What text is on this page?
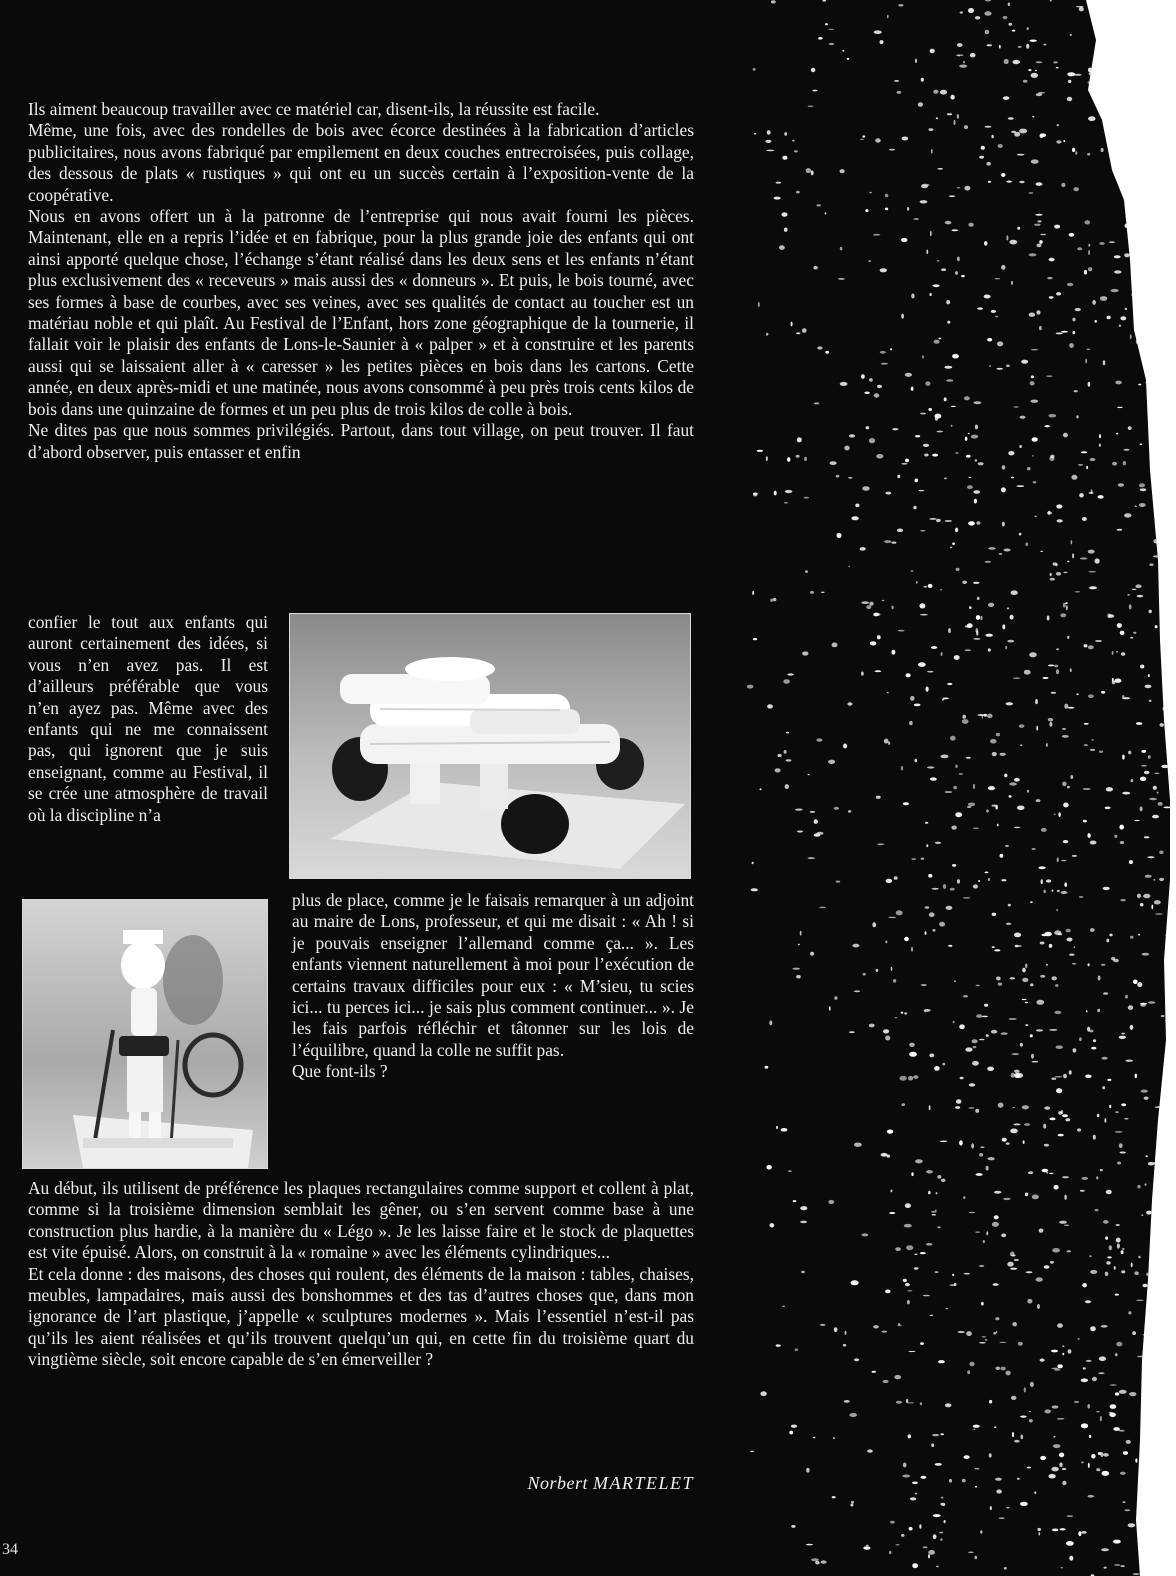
Ils aiment beaucoup travailler avec ce matériel car, disent-ils, la réussite est facile.

Même, une fois, avec des rondelles de bois avec écorce destinées à la fabrication d’articles publicitaires, nous avons fabriqué par empilement en deux couches entrecroisées, puis collage, des dessous de plats « rustiques » qui ont eu un succès certain à l’exposition-vente de la coopérative.

Nous en avons offert un à la patronne de l’entreprise qui nous avait fourni les pièces. Maintenant, elle en a repris l’idée et en fabrique, pour la plus grande joie des enfants qui ont ainsi apporté quelque chose, l’échange s’étant réalisé dans les deux sens et les enfants n’étant plus exclusivement des « receveurs » mais aussi des « donneurs ». Et puis, le bois tourné, avec ses formes à base de courbes, avec ses veines, avec ses qualités de contact au toucher est un matériau noble et qui plaît. Au Festival de l’Enfant, hors zone géographique de la tournerie, il fallait voir le plaisir des enfants de Lons-le-Saunier à « palper » et à construire et les parents aussi qui se laissaient aller à « caresser » les petites pièces en bois dans les cartons. Cette année, en deux après-midi et une matinée, nous avons consommé à peu près trois cents kilos de bois dans une quinzaine de formes et un peu plus de trois kilos de colle à bois.

Ne dites pas que nous sommes privilégiés. Partout, dans tout village, on peut trouver. Il faut d’abord observer, puis entasser et enfin

confier le tout aux enfants qui auront certainement des idées, si vous n’en avez pas. Il est d’ailleurs préférable que vous n’en ayez pas. Même avec des enfants qui ne me connaissent pas, qui ignorent que je suis enseignant, comme au Festival, il se crée une atmosphère de travail où la discipline n’a

plus de place, comme je le faisais remarquer à un adjoint au maire de Lons, professeur, et qui me disait : « Ah ! si je pouvais enseigner l’allemand comme ça... ». Les enfants viennent naturellement à moi pour l’exécution de certains travaux difficiles pour eux : « M’sieu, tu scies ici... tu perces ici... je sais plus comment continuer... ». Je les fais parfois réfléchir et tâtonner sur les lois de l’équilibre, quand la colle ne suffit pas.

Que font-ils ?

Au début, ils utilisent de préférence les plaques rectangulaires comme support et collent à plat, comme si la troisième dimension semblait les gêner, ou s’en servent comme base à une construction plus hardie, à la manière du « Légo ». Je les laisse faire et le stock de plaquettes est vite épuisé. Alors, on construit à la « romaine » avec les éléments cylindriques...

Et cela donne : des maisons, des choses qui roulent, des éléments de la maison : tables, chaises, meubles, lampadaires, mais aussi des bonshommes et des tas d’autres choses que, dans mon ignorance de l’art plastique, j’appelle « sculptures modernes ». Mais l’essentiel n’est-il pas qu’ils les aient réalisées et qu’ils trouvent quelqu’un qui, en cette fin du troisième quart du vingtième siècle, soit encore capable de s’en émerveiller ?

Norbert MARTELET
34
